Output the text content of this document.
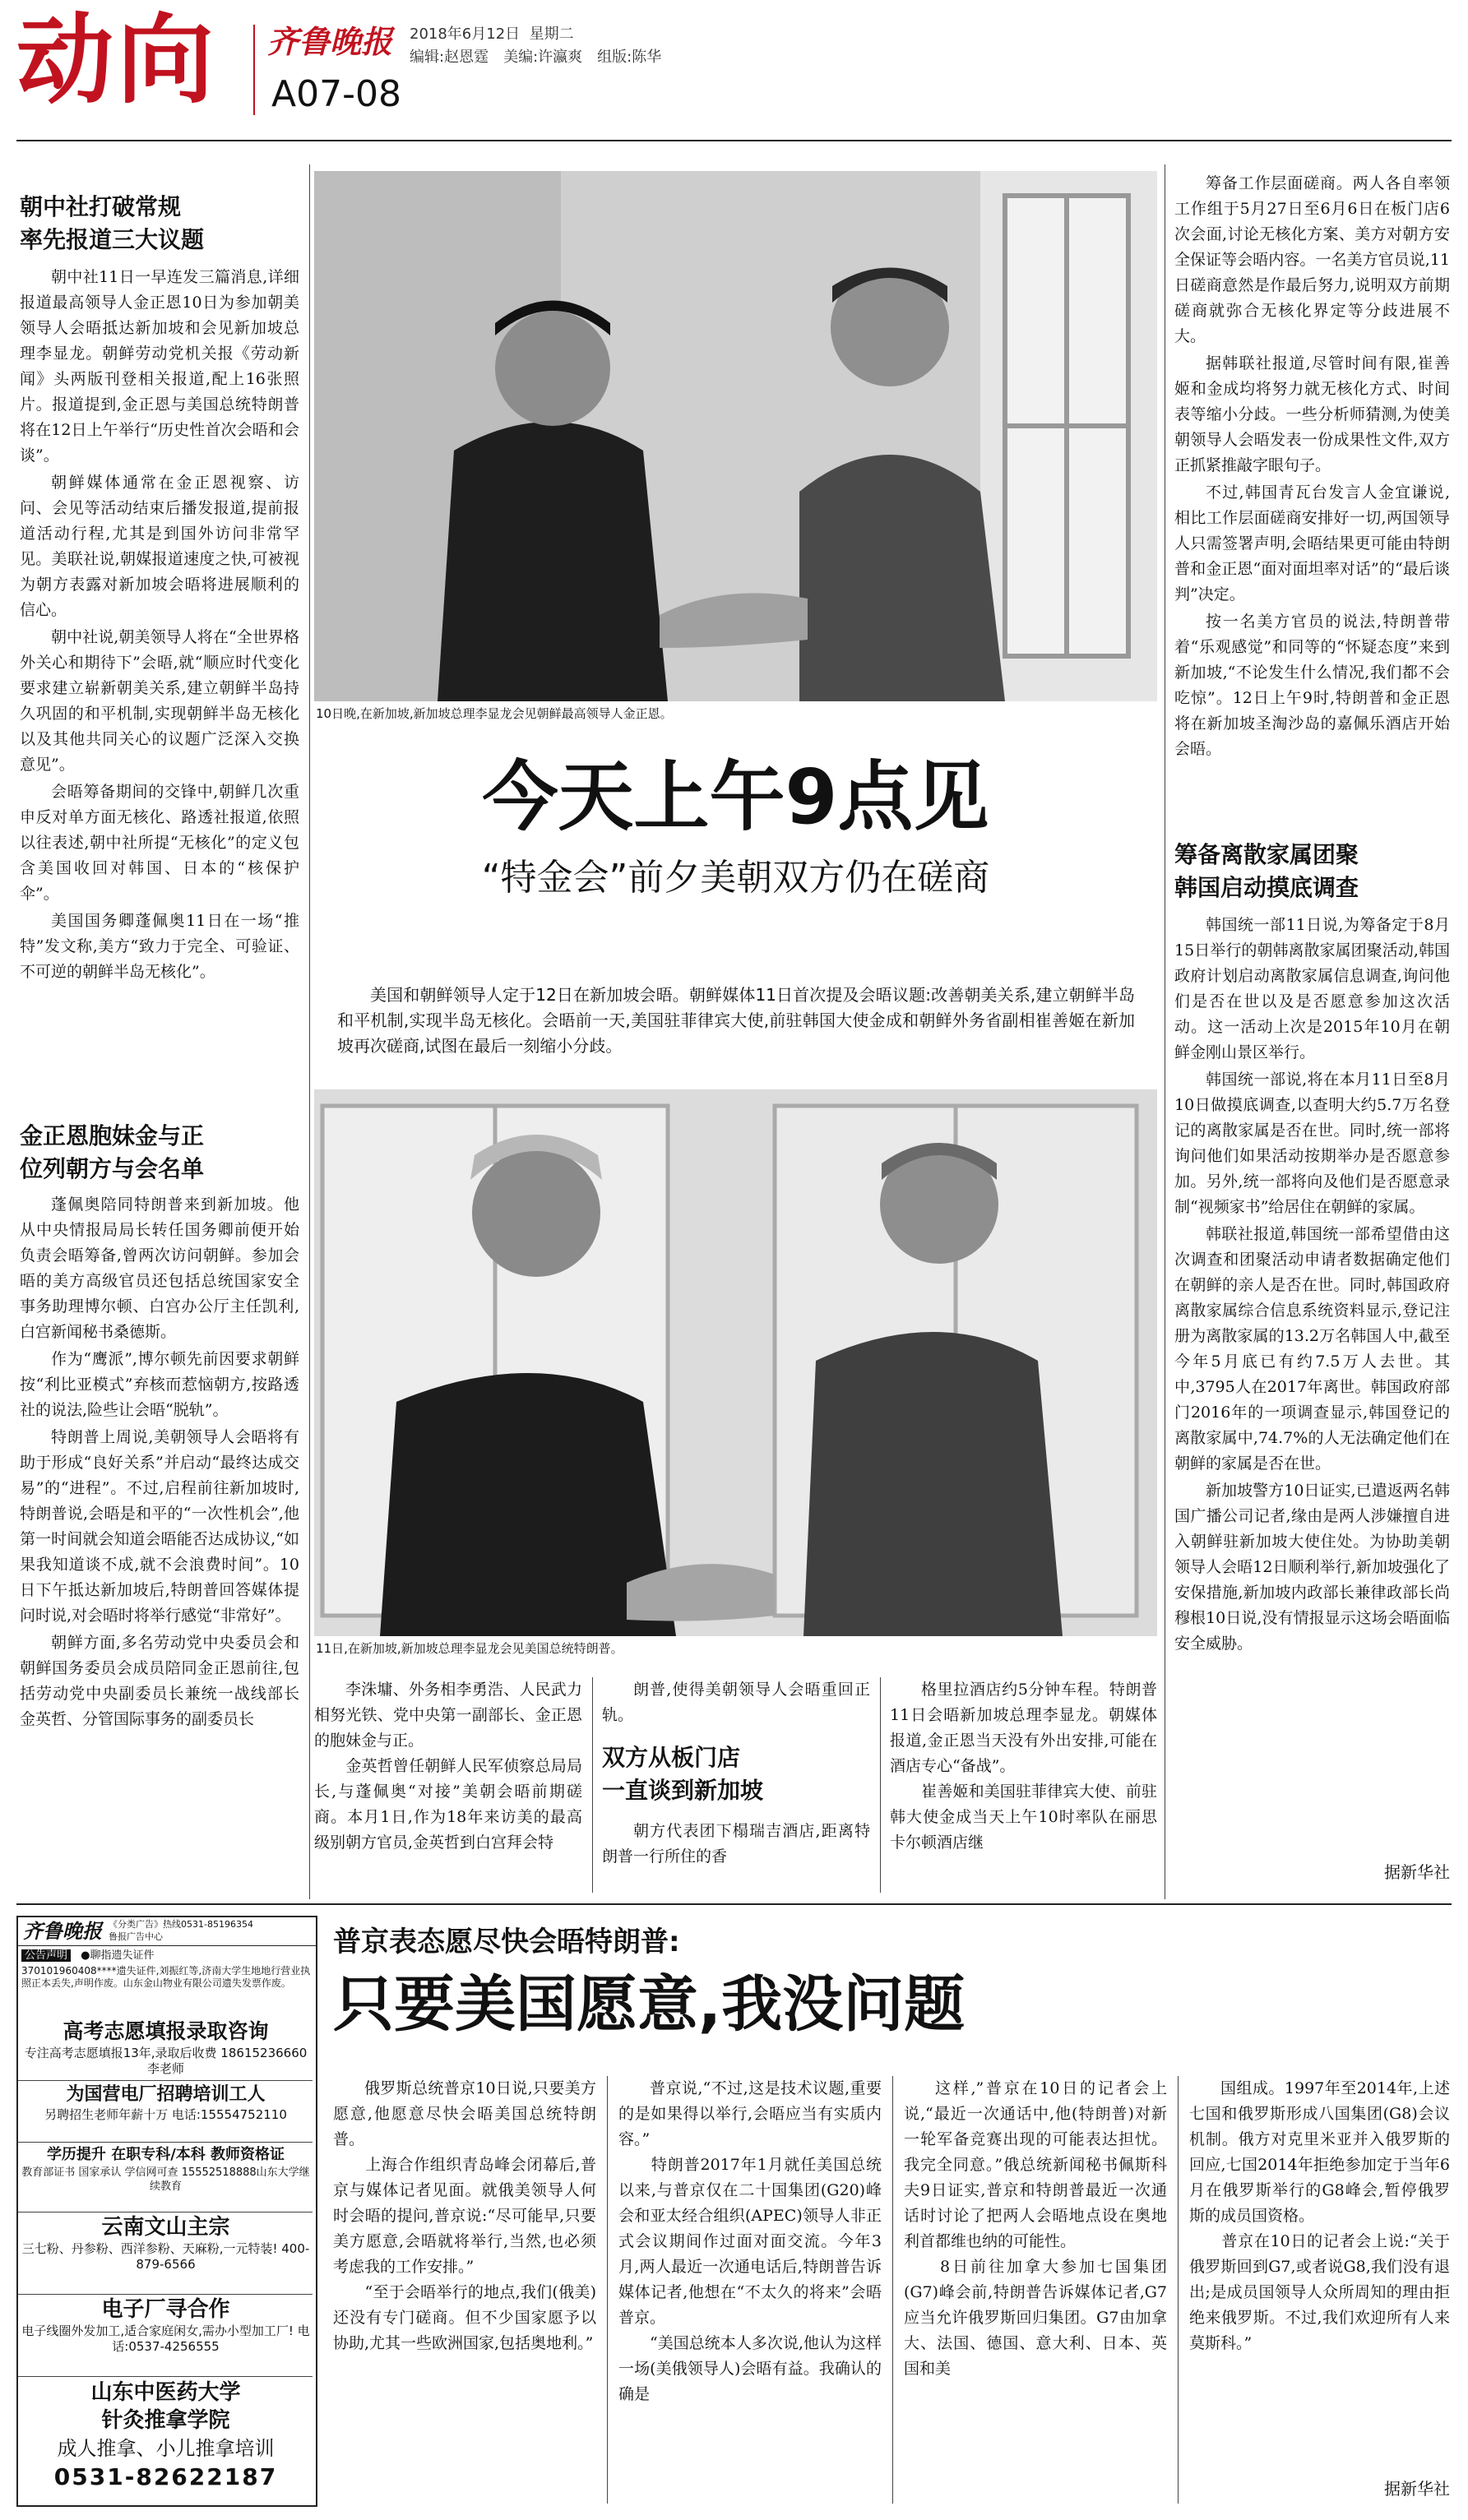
动向 齐鲁晚报
A07-08
2018年6月12日 星期二
编辑:赵恩霆　美编:许瀛爽　组版:陈华
朝中社打破常规
率先报道三大议题

朝中社11日一早连发三篇消息,详细报道最高领导人金正恩10日为参加朝美领导人会晤抵达新加坡和会见新加坡总理李显龙。朝鲜劳动党机关报《劳动新闻》头两版刊登相关报道,配上16张照片。报道提到,金正恩与美国总统特朗普将在12日上午举行“历史性首次会晤和会谈”。

朝鲜媒体通常在金正恩视察、访问、会见等活动结束后播发报道,提前报道活动行程,尤其是到国外访问非常罕见。美联社说,朝媒报道速度之快,可被视为朝方表露对新加坡会晤将进展顺利的信心。

朝中社说,朝美领导人将在“全世界格外关心和期待下”会晤,就“顺应时代变化要求建立崭新朝美关系,建立朝鲜半岛持久巩固的和平机制,实现朝鲜半岛无核化以及其他共同关心的议题广泛深入交换意见”。

会晤筹备期间的交锋中,朝鲜几次重申反对单方面无核化、路透社报道,依照以往表述,朝中社所提“无核化”的定义包含美国收回对韩国、日本的“核保护伞”。

美国国务卿蓬佩奥11日在一场“推特”发文称,美方“致力于完全、可验证、不可逆的朝鲜半岛无核化”。

金正恩胞妹金与正
位列朝方与会名单

蓬佩奥陪同特朗普来到新加坡。他从中央情报局局长转任国务卿前便开始负责会晤筹备,曾两次访问朝鲜。参加会晤的美方高级官员还包括总统国家安全事务助理博尔顿、白宫办公厅主任凯利,白宫新闻秘书桑德斯。

作为“鹰派”,博尔顿先前因要求朝鲜按“利比亚模式”弃核而惹恼朝方,按路透社的说法,险些让会晤“脱轨”。

特朗普上周说,美朝领导人会晤将有助于形成“良好关系”并启动“最终达成交易”的“进程”。不过,启程前往新加坡时,特朗普说,会晤是和平的“一次性机会”,他第一时间就会知道会晤能否达成协议,“如果我知道谈不成,就不会浪费时间”。10日下午抵达新加坡后,特朗普回答媒体提问时说,对会晤时将举行感觉“非常好”。

朝鲜方面,多名劳动党中央委员会和朝鲜国务委员会成员陪同金正恩前往,包括劳动党中央副委员长兼统一战线部长金英哲、分管国际事务的副委员长

10日晚,在新加坡,新加坡总理李显龙会见朝鲜最高领导人金正恩。
今天上午9点见
“特金会”前夕美朝双方仍在磋商
美国和朝鲜领导人定于12日在新加坡会晤。朝鲜媒体11日首次提及会晤议题:改善朝美关系,建立朝鲜半岛和平机制,实现半岛无核化。会晤前一天,美国驻菲律宾大使,前驻韩国大使金成和朝鲜外务省副相崔善姬在新加坡再次磋商,试图在最后一刻缩小分歧。
11日,在新加坡,新加坡总理李显龙会见美国总统特朗普。
李洙墉、外务相李勇浩、人民武力相努光铁、党中央第一副部长、金正恩的胞妹金与正。
　　金英哲曾任朝鲜人民军侦察总局局长,与蓬佩奥“对接”美朝会晤前期磋商。本月1日,作为18年来访美的最高级别朝方官员,金英哲到白宫拜会特
朗普,使得美朝领导人会晤重回正轨。
双方从板门店
一直谈到新加坡
朝方代表团下榻瑞吉酒店,距离特朗普一行所住的香
格里拉酒店约5分钟车程。特朗普11日会晤新加坡总理李显龙。朝媒体报道,金正恩当天没有外出安排,可能在酒店专心“备战”。
　　崔善姬和美国驻菲律宾大使、前驻韩大使金成当天上午10时率队在丽思卡尔顿酒店继

筹备工作层面磋商。两人各自率领工作组于5月27日至6月6日在板门店6次会面,讨论无核化方案、美方对朝方安全保证等会晤内容。一名美方官员说,11日磋商意然是作最后努力,说明双方前期磋商就弥合无核化界定等分歧进展不大。

据韩联社报道,尽管时间有限,崔善姬和金成均将努力就无核化方式、时间表等缩小分歧。一些分析师猜测,为使美朝领导人会晤发表一份成果性文件,双方正抓紧推敲字眼句子。

不过,韩国青瓦台发言人金宜谦说,相比工作层面磋商安排好一切,两国领导人只需签署声明,会晤结果更可能由特朗普和金正恩“面对面坦率对话”的“最后谈判”决定。

按一名美方官员的说法,特朗普带着“乐观感觉”和同等的“怀疑态度”来到新加坡,“不论发生什么情况,我们都不会吃惊”。12日上午9时,特朗普和金正恩将在新加坡圣淘沙岛的嘉佩乐酒店开始会晤。

筹备离散家属团聚
韩国启动摸底调查

韩国统一部11日说,为筹备定于8月15日举行的朝韩离散家属团聚活动,韩国政府计划启动离散家属信息调查,询问他们是否在世以及是否愿意参加这次活动。这一活动上次是2015年10月在朝鲜金刚山景区举行。

韩国统一部说,将在本月11日至8月10日做摸底调查,以查明大约5.7万名登记的离散家属是否在世。同时,统一部将询问他们如果活动按期举办是否愿意参加。另外,统一部将向及他们是否愿意录制“视频家书”给居住在朝鲜的家属。

韩联社报道,韩国统一部希望借由这次调查和团聚活动申请者数据确定他们在朝鲜的亲人是否在世。同时,韩国政府离散家属综合信息系统资料显示,登记注册为离散家属的13.2万名韩国人中,截至今年5月底已有约7.5万人去世。其中,3795人在2017年离世。韩国政府部门2016年的一项调查显示,韩国登记的离散家属中,74.7%的人无法确定他们在朝鲜的家属是否在世。

新加坡警方10日证实,已遣返两名韩国广播公司记者,缘由是两人涉嫌擅自进入朝鲜驻新加坡大使住处。为协助美朝领导人会晤12日顺利举行,新加坡强化了安保措施,新加坡内政部长兼律政部长尚穆根10日说,没有情报显示这场会晤面临安全威胁。

据新华社
齐鲁晚报 《分类广告》热线0531-85196354
鲁报广告中心
公告声明 ●聊指遗失证件
370101960408****遗失证件,刘振红等,济南大学生地地行营业执照正本丢失,声明作废。山东金山物业有限公司遗失发票作废。
高考志愿填报录取咨询
专注高考志愿填报13年,录取后收费 18615236660李老师
为国营电厂招聘培训工人
另聘招生老师年薪十万 电话:15554752110
学历提升 在职专科/本科 教师资格证
教育部证书 国家承认 学信网可查 15552518888山东大学继续教育
云南文山主宗
三七粉、丹参粉、西洋参粉、天麻粉,一元特装! 400-879-6566
电子厂寻合作
电子线圈外发加工,适合家庭闲女,需办小型加工厂! 电话:0537-4256555
山东中医药大学
针灸推拿学院
成人推拿、小儿推拿培训
0531-82622187
普京表态愿尽快会晤特朗普:
只要美国愿意,我没问题
俄罗斯总统普京10日说,只要美方愿意,他愿意尽快会晤美国总统特朗普。
　　上海合作组织青岛峰会闭幕后,普京与媒体记者见面。就俄美领导人何时会晤的提问,普京说:“尽可能早,只要美方愿意,会晤就将举行,当然,也必须考虑我的工作安排。”
　　“至于会晤举行的地点,我们(俄美)还没有专门磋商。但不少国家愿予以协助,尤其一些欧洲国家,包括奥地利。”
普京说,“不过,这是技术议题,重要的是如果得以举行,会晤应当有实质内容。”
　　特朗普2017年1月就任美国总统以来,与普京仅在二十国集团(G20)峰会和亚太经合组织(APEC)领导人非正式会议期间作过面对面交流。今年3月,两人最近一次通电话后,特朗普告诉媒体记者,他想在“不太久的将来”会晤普京。
　　“美国总统本人多次说,他认为这样一场(美俄领导人)会晤有益。我确认的确是
这样,”普京在10日的记者会上说,“最近一次通话中,他(特朗普)对新一轮军备竞赛出现的可能表达担忧。我完全同意。”俄总统新闻秘书佩斯科夫9日证实,普京和特朗普最近一次通话时讨论了把两人会晤地点设在奥地利首都维也纳的可能性。
　　8日前往加拿大参加七国集团(G7)峰会前,特朗普告诉媒体记者,G7应当允许俄罗斯回归集团。G7由加拿大、法国、德国、意大利、日本、英国和美
国组成。1997年至2014年,上述七国和俄罗斯形成八国集团(G8)会议机制。俄方对克里米亚并入俄罗斯的回应,七国2014年拒绝参加定于当年6月在俄罗斯举行的G8峰会,暂停俄罗斯的成员国资格。
　　普京在10日的记者会上说:“关于俄罗斯回到G7,或者说G8,我们没有退出;是成员国领导人众所周知的理由拒绝来俄罗斯。不过,我们欢迎所有人来莫斯科。”
据新华社
